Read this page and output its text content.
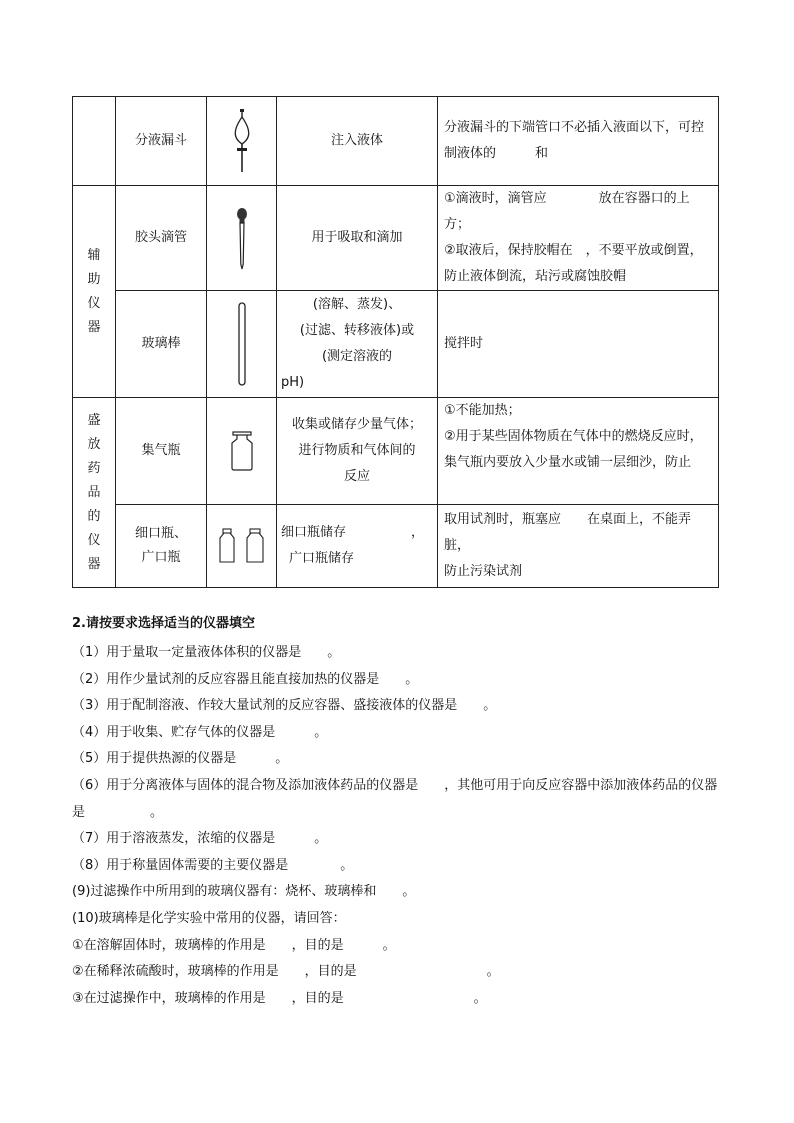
	分液漏斗		注入液体	分液漏斗的下端管口不必插入液面以下，可控制液体的　　　和

辅助仪器	胶头滴管		用于吸取和滴加	①滴液时，滴管应　　　　放在容器口的上方；
②取液后，保持胶帽在　，不要平放或倒置，
防止液体倒流，玷污或腐蚀胶帽

	玻璃棒		(溶解、蒸发)、
(过滤、转移液体)或
(测定溶液的
pH)	搅拌时

盛放药品的仪器	集气瓶		收集或储存少量气体；
进行物质和气体间的
反应	①不能加热；
②用于某些固体物质在气体中的燃烧反应时，
集气瓶内要放入少量水或铺一层细沙，防止

	细口瓶、
广口瓶		细口瓶储存　　　　　，
广口瓶储存	取用试剂时，瓶塞应　　在桌面上，不能弄脏，
防止污染试剂
2.请按要求选择适当的仪器填空
（1）用于量取一定量液体体积的仪器是　　。
（2）用作少量试剂的反应容器且能直接加热的仪器是　　。
（3）用于配制溶液、作较大量试剂的反应容器、盛接液体的仪器是　　。
（4）用于收集、贮存气体的仪器是　　　。
（5）用于提供热源的仪器是　　　。
（6）用于分离液体与固体的混合物及添加液体药品的仪器是　　，其他可用于向反应容器中添加液体药品的仪器是　　　　　。
（7）用于溶液蒸发，浓缩的仪器是　　　。
（8）用于称量固体需要的主要仪器是　　　　。
(9)过滤操作中所用到的玻璃仪器有：烧杯、玻璃棒和　　。
(10)玻璃棒是化学实验中常用的仪器，请回答：
①在溶解固体时，玻璃棒的作用是　　，目的是　　　。
②在稀释浓硫酸时，玻璃棒的作用是　　，目的是　　　　　　　　　　。
③在过滤操作中，玻璃棒的作用是　　，目的是　　　　　　　　　　。
